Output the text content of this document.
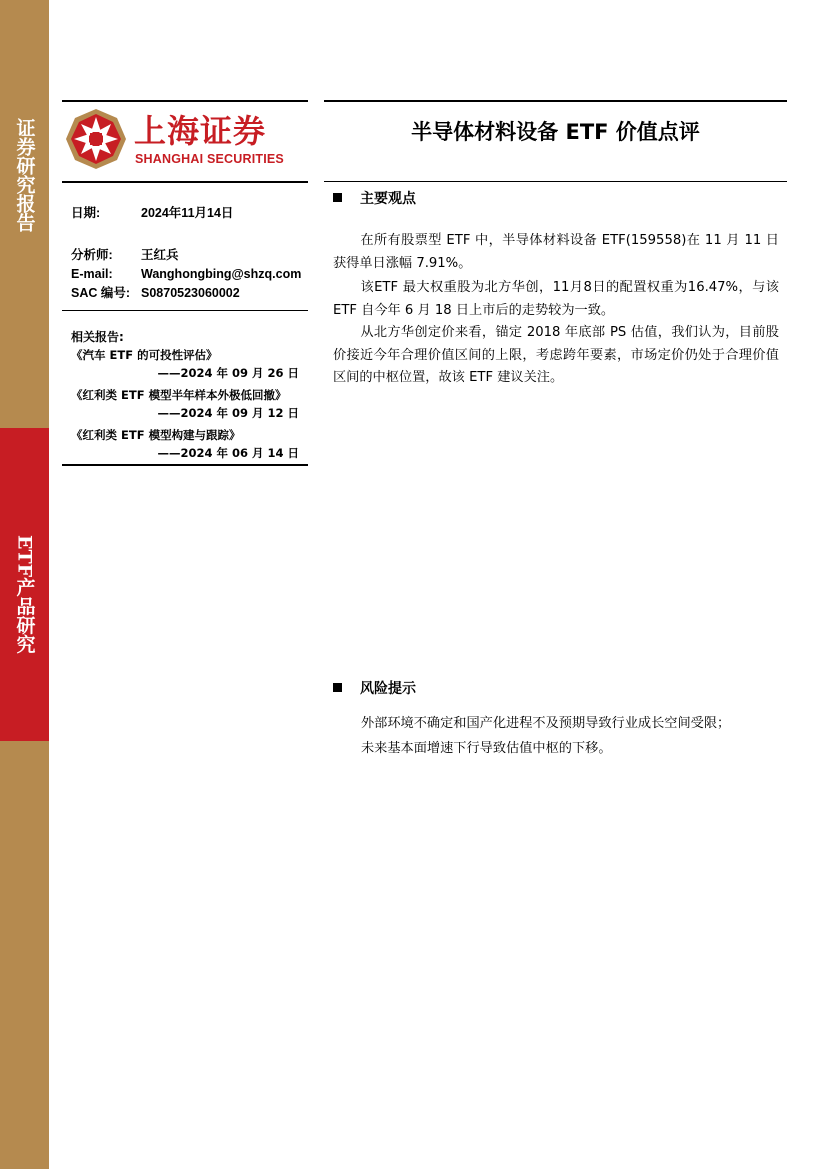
证券研究报告
ETF产品研究
上海证券
SHANGHAI SECURITIES
半导体材料设备 ETF 价值点评
日期:	2024年11月14日
分析师: 王红兵
E-mail: Wanghongbing@shzq.com
SAC 编号: S0870523060002
相关报告:
《汽车 ETF 的可投性评估》
——2024 年 09 月 26 日
《红利类 ETF 模型半年样本外极低回撤》
——2024 年 09 月 12 日
《红利类 ETF 模型构建与跟踪》
——2024 年 06 月 14 日
主要观点
在所有股票型 ETF 中，半导体材料设备 ETF(159558)在 11 月 11 日获得单日涨幅 7.91%。
该ETF 最大权重股为北方华创，11月8日的配置权重为16.47%，与该 ETF 自今年 6 月 18 日上市后的走势较为一致。
从北方华创定价来看，锚定 2018 年底部 PS 估值，我们认为，目前股价接近今年合理价值区间的上限，考虑跨年要素，市场定价仍处于合理价值区间的中枢位置，故该 ETF 建议关注。
风险提示
外部环境不确定和国产化进程不及预期导致行业成长空间受限；
未来基本面增速下行导致估值中枢的下移。
